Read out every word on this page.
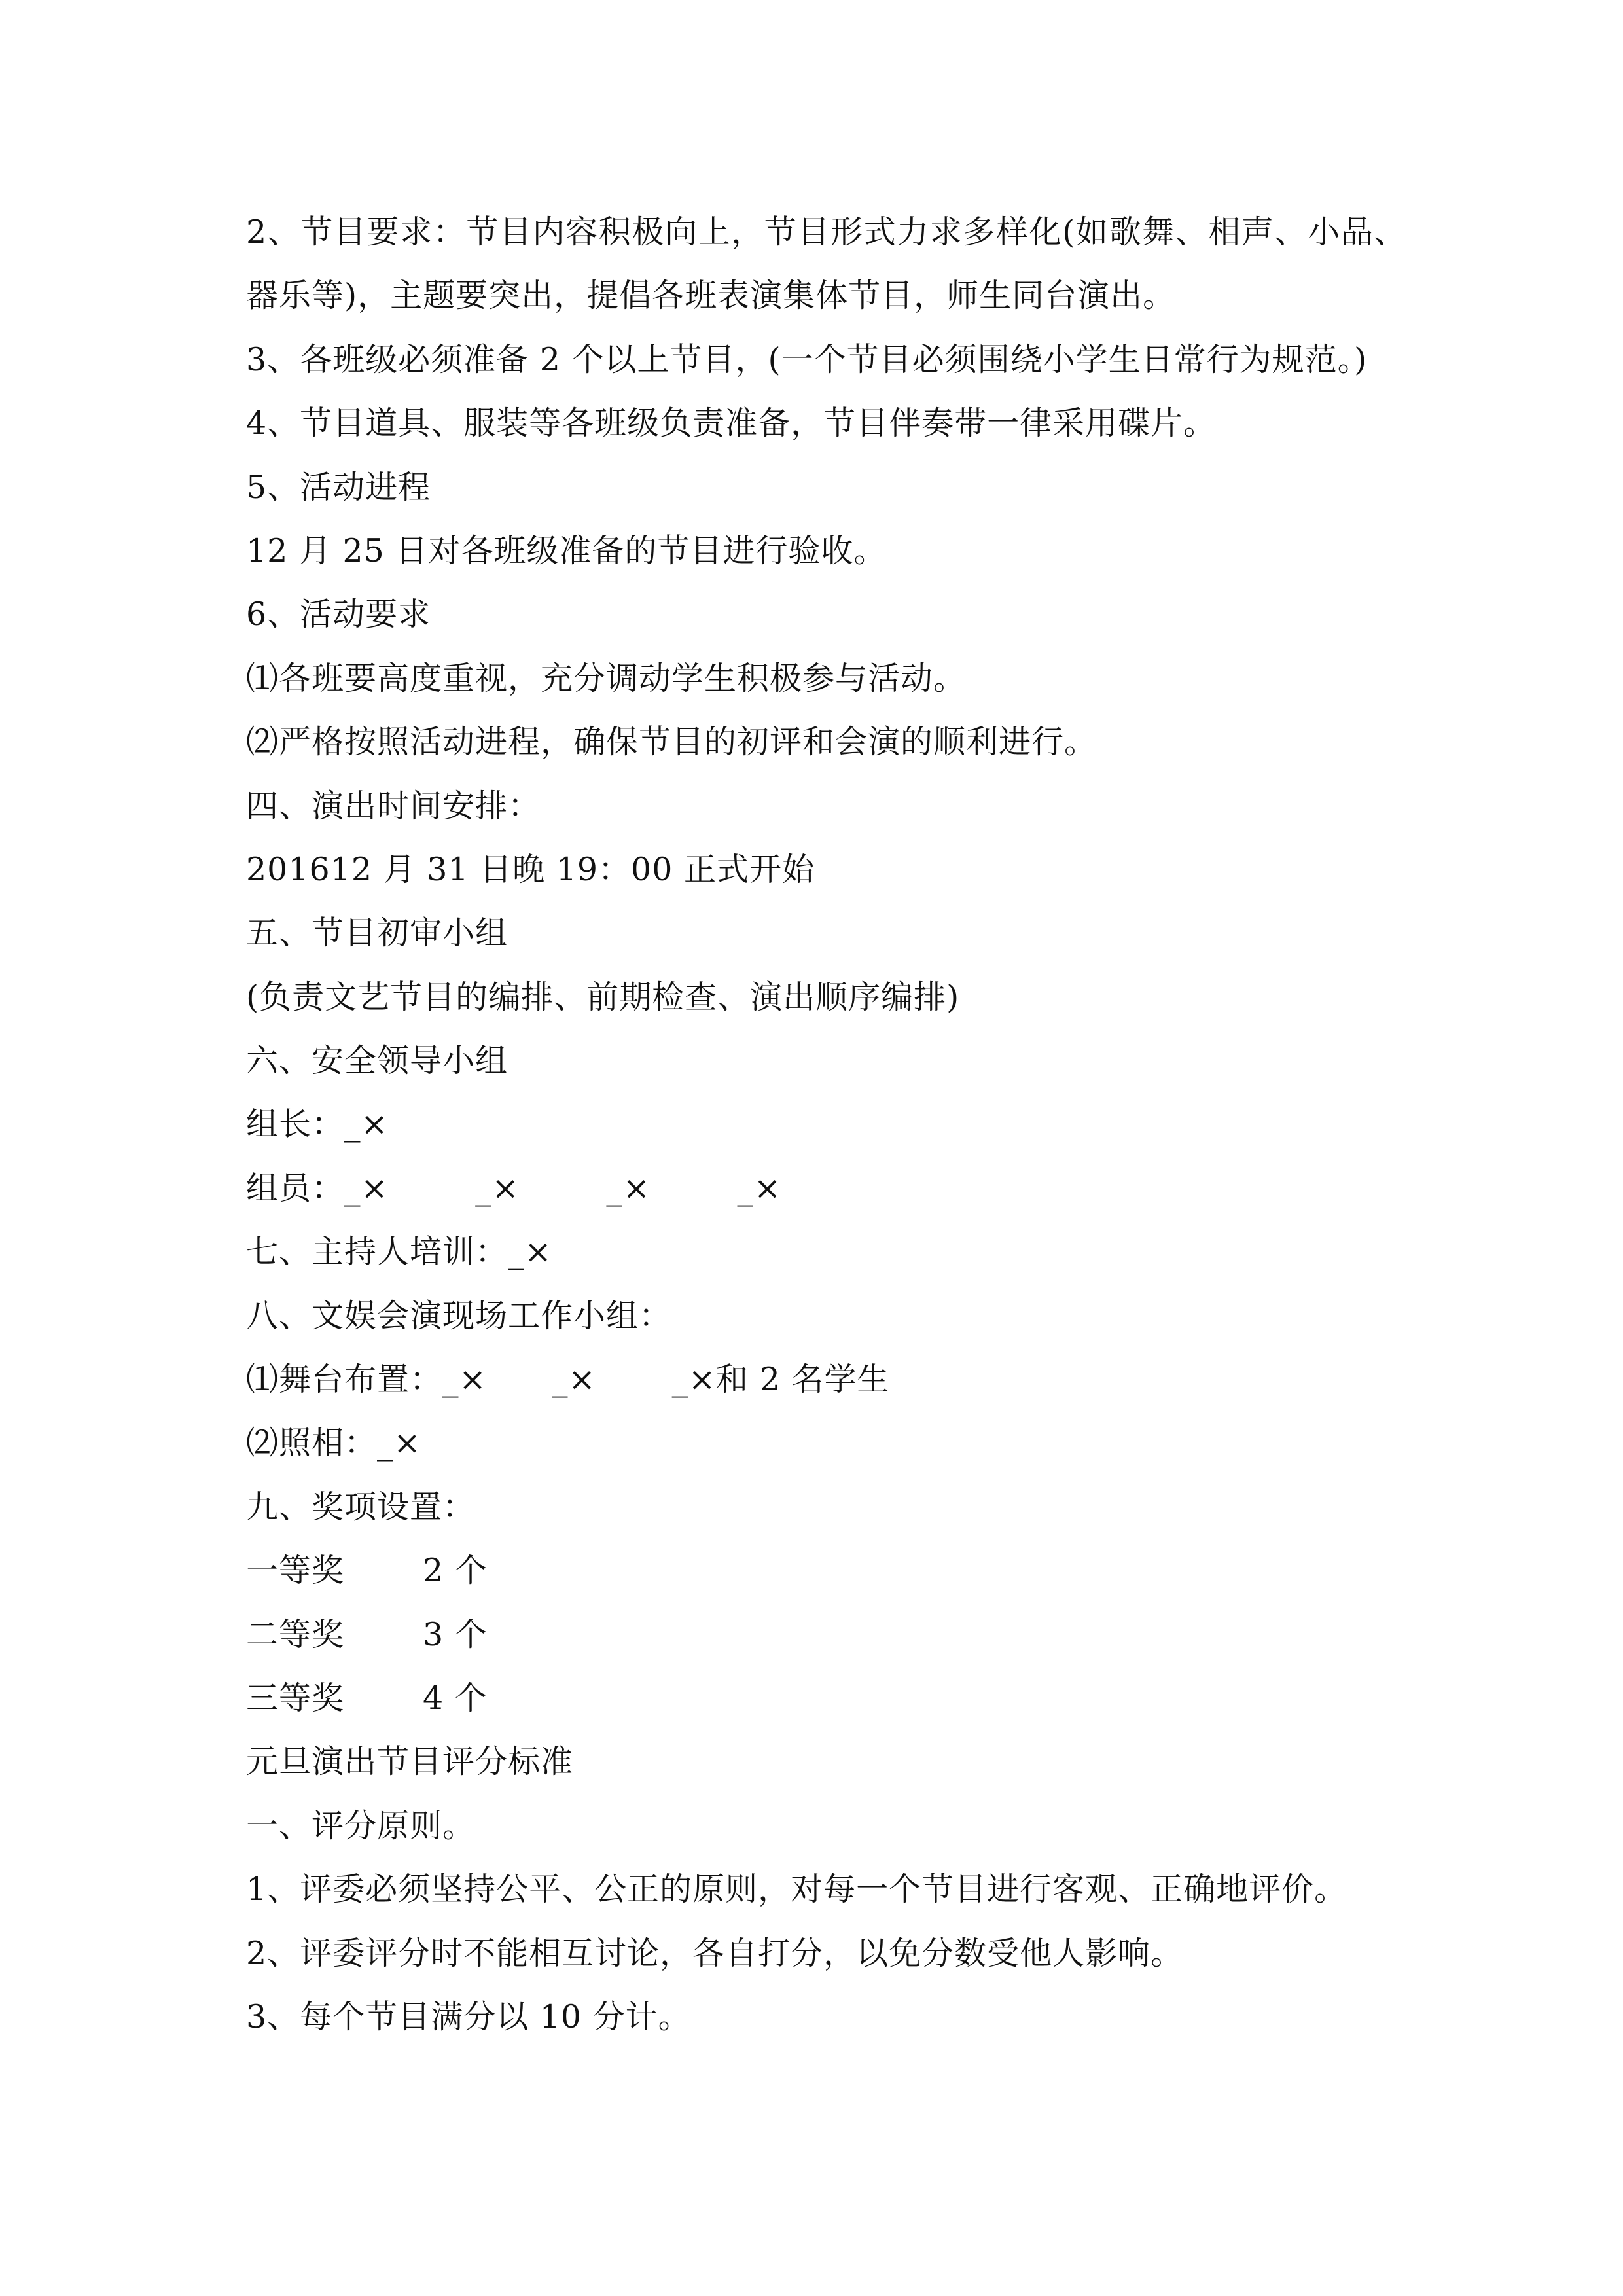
2、节目要求：节目内容积极向上，节目形式力求多样化(如歌舞、相声、小品、
器乐等)，主题要突出，提倡各班表演集体节目，师生同台演出。
3、各班级必须准备 2 个以上节目，(一个节目必须围绕小学生日常行为规范。)
4、节目道具、服装等各班级负责准备，节目伴奏带一律采用碟片。
5、活动进程
12 月 25 日对各班级准备的节目进行验收。
6、活动要求
⑴各班要高度重视，充分调动学生积极参与活动。
⑵严格按照活动进程，确保节目的初评和会演的顺利进行。
四、演出时间安排：
201612 月 31 日晚 19：00 正式开始
五、节目初审小组
(负责文艺节目的编排、前期检查、演出顺序编排)
六、安全领导小组
组长：_×
组员：_×        _×        _×        _×
七、主持人培训：_×
八、文娱会演现场工作小组：
⑴舞台布置：_×      _×       _×和 2 名学生
⑵照相：_×
九、奖项设置：
一等奖	2 个
二等奖	3 个
三等奖	4 个
元旦演出节目评分标准
一、评分原则。
1、评委必须坚持公平、公正的原则，对每一个节目进行客观、正确地评价。
2、评委评分时不能相互讨论，各自打分，以免分数受他人影响。
3、每个节目满分以 10 分计。
